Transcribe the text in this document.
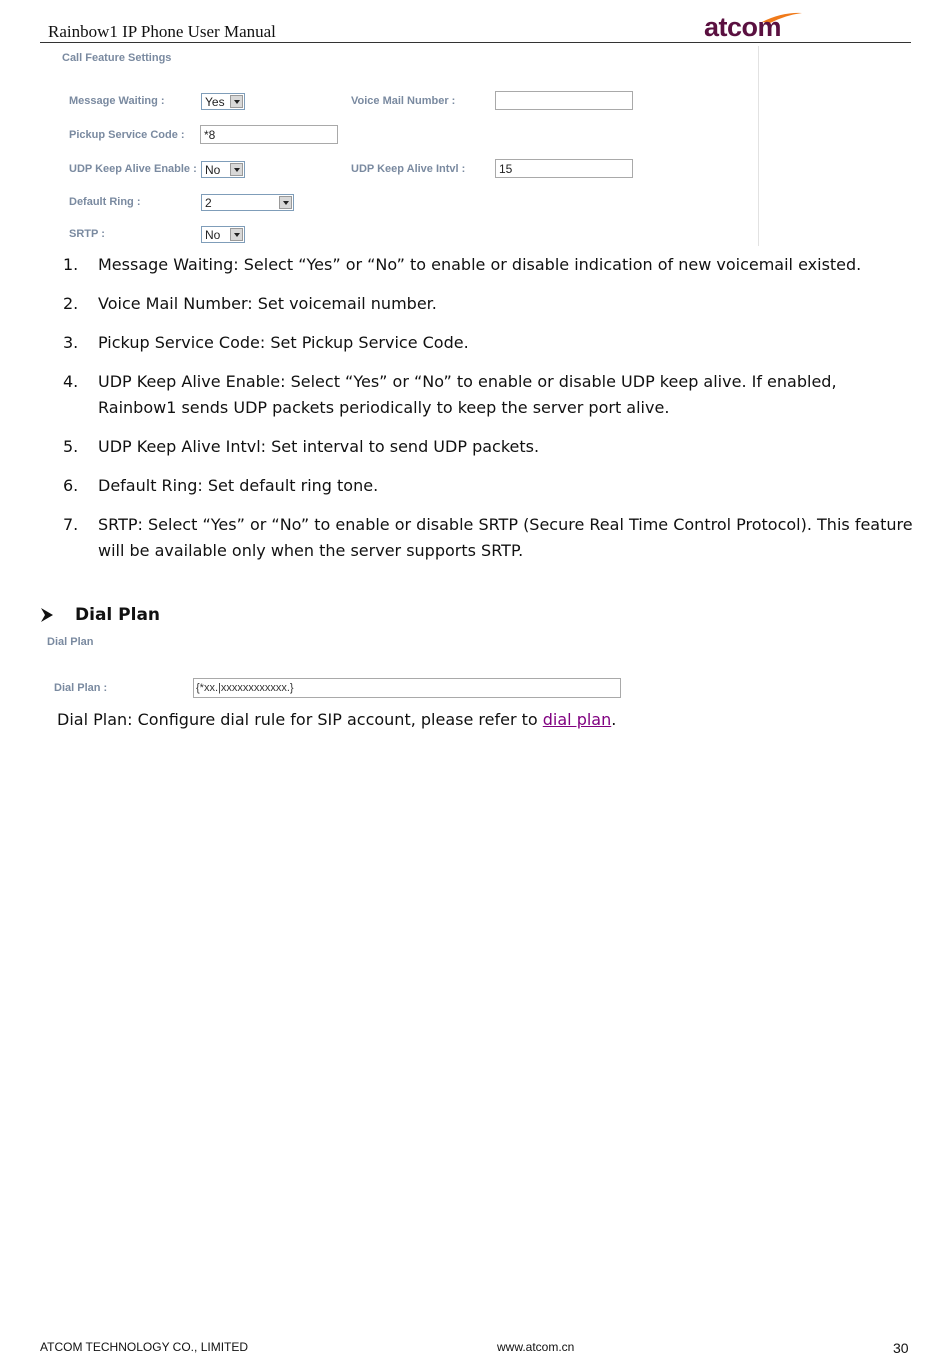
Rainbow1 IP Phone User Manual	atcom
Call Feature Settings
Message Waiting :	Yes	Voice Mail Number :
Pickup Service Code :	*8
UDP Keep Alive Enable : No	UDP Keep Alive Intvl :	15
Default Ring :	2
SRTP :	No
1. Message Waiting: Select “Yes” or “No” to enable or disable indication of new voicemail existed.
2. Voice Mail Number: Set voicemail number.
3. Pickup Service Code: Set Pickup Service Code.
4. UDP Keep Alive Enable: Select “Yes” or “No” to enable or disable UDP keep alive. If enabled, Rainbow1 sends UDP packets periodically to keep the server port alive.
5. UDP Keep Alive Intvl: Set interval to send UDP packets.
6. Default Ring: Set default ring tone.
7. SRTP: Select “Yes” or “No” to enable or disable SRTP (Secure Real Time Control Protocol). This feature will be available only when the server supports SRTP.
Dial Plan
Dial Plan
Dial Plan :	{*xx.|xxxxxxxxxxxx.}
Dial Plan: Configure dial rule for SIP account, please refer to dial plan.
ATCOM TECHNOLOGY CO., LIMITED	www.atcom.cn	30
